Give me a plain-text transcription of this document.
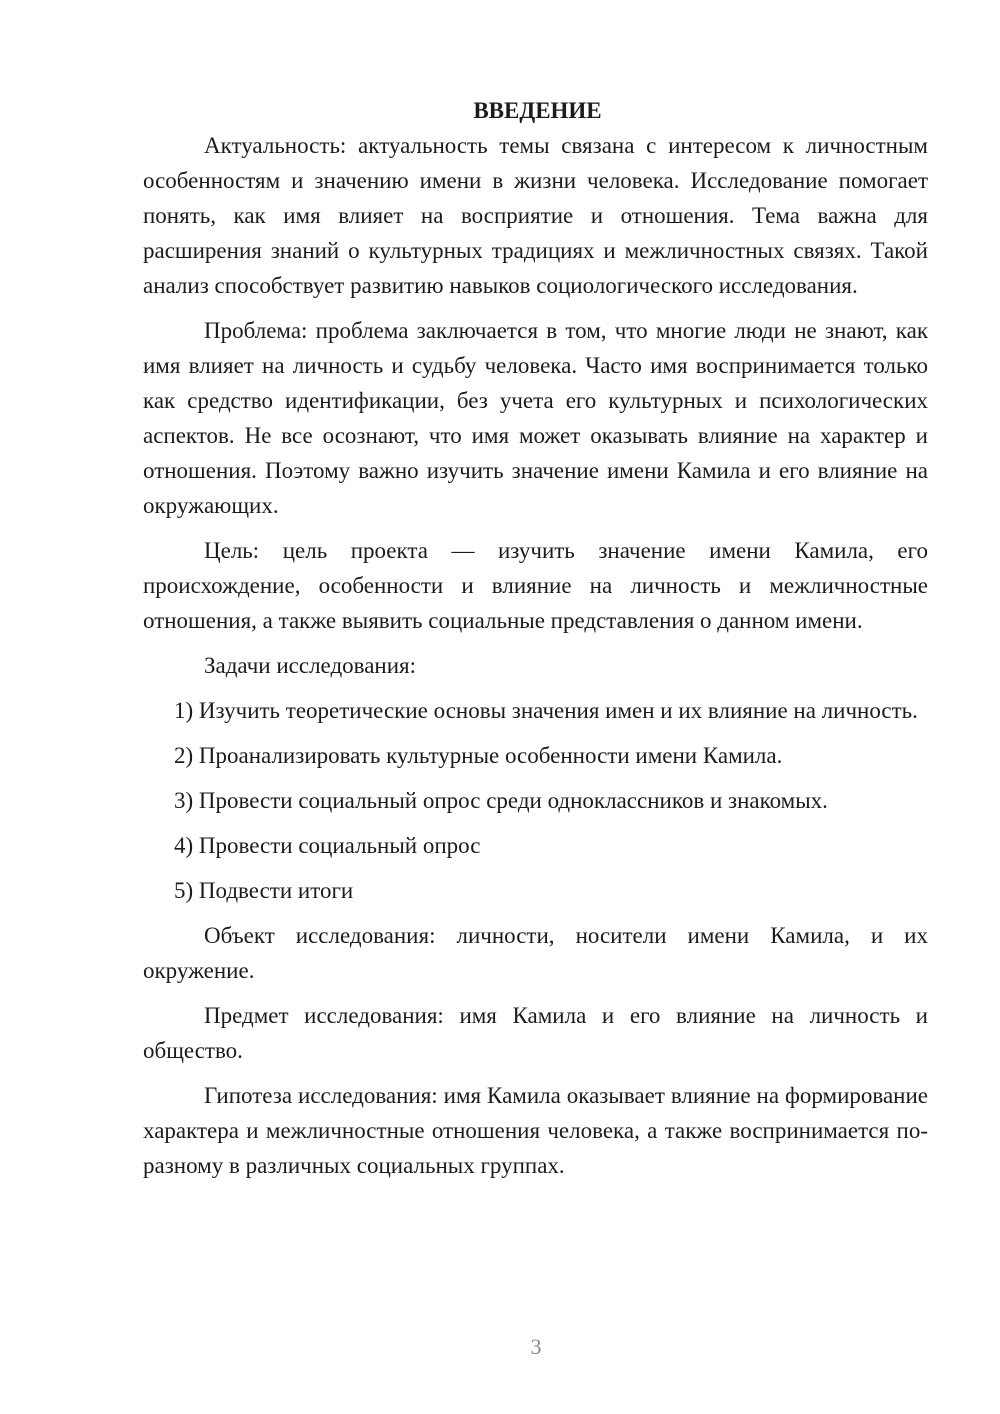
ВВЕДЕНИЕ

Актуальность: актуальность темы связана с интересом к личностным особенностям и значению имени в жизни человека. Исследование помогает понять, как имя влияет на восприятие и отношения. Тема важна для расширения знаний о культурных традициях и межличностных связях. Такой анализ способствует развитию навыков социологического исследования.

Проблема: проблема заключается в том, что многие люди не знают, как имя влияет на личность и судьбу человека. Часто имя воспринимается только как средство идентификации, без учета его культурных и психологических аспектов. Не все осознают, что имя может оказывать влияние на характер и отношения. Поэтому важно изучить значение имени Камила и его влияние на окружающих.

Цель: цель проекта — изучить значение имени Камила, его происхождение, особенности и влияние на личность и межличностные отношения, а также выявить социальные представления о данном имени.

Задачи исследования:

1) Изучить теоретические основы значения имен и их влияние на личность.

2) Проанализировать культурные особенности имени Камила.

3) Провести социальный опрос среди одноклассников и знакомых.

4) Провести социальный опрос

5) Подвести итоги

Объект исследования: личности, носители имени Камила, и их окружение.

Предмет исследования: имя Камила и его влияние на личность и общество.

Гипотеза исследования: имя Камила оказывает влияние на формирование характера и межличностные отношения человека, а также воспринимается по-разному в различных социальных группах.

3
